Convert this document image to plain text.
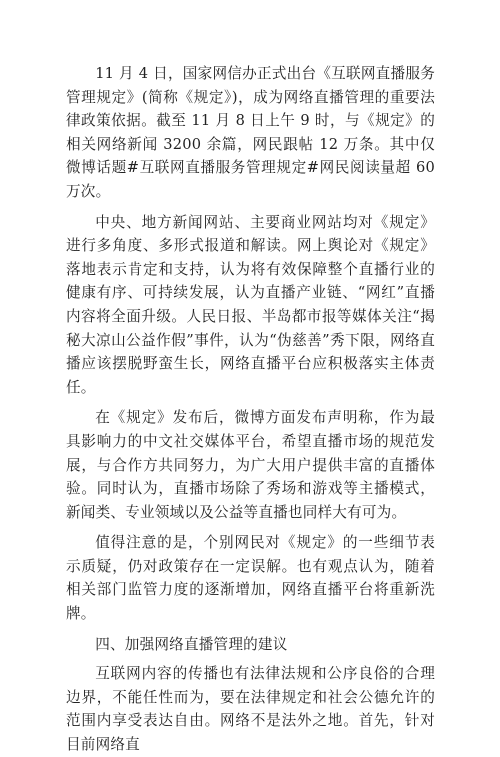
11 月 4 日，国家网信办正式出台《互联网直播服务管理规定》(简称《规定》)，成为网络直播管理的重要法律政策依据。截至 11 月 8 日上午 9 时，与《规定》的相关网络新闻 3200 余篇，网民跟帖 12 万条。其中仅微博话题#互联网直播服务管理规定#网民阅读量超 60 万次。

中央、地方新闻网站、主要商业网站均对《规定》进行多角度、多形式报道和解读。网上舆论对《规定》落地表示肯定和支持，认为将有效保障整个直播行业的健康有序、可持续发展，认为直播产业链、“网红”直播内容将全面升级。人民日报、半岛都市报等媒体关注“揭秘大凉山公益作假”事件，认为“伪慈善”秀下限，网络直播应该摆脱野蛮生长，网络直播平台应积极落实主体责任。

在《规定》发布后，微博方面发布声明称，作为最具影响力的中文社交媒体平台，希望直播市场的规范发展，与合作方共同努力，为广大用户提供丰富的直播体验。同时认为，直播市场除了秀场和游戏等主播模式，新闻类、专业领域以及公益等直播也同样大有可为。

值得注意的是，个别网民对《规定》的一些细节表示质疑，仍对政策存在一定误解。也有观点认为，随着相关部门监管力度的逐渐增加，网络直播平台将重新洗牌。

四、加强网络直播管理的建议

互联网内容的传播也有法律法规和公序良俗的合理边界，不能任性而为，要在法律规定和社会公德允许的范围内享受表达自由。网络不是法外之地。首先，针对目前网络直
